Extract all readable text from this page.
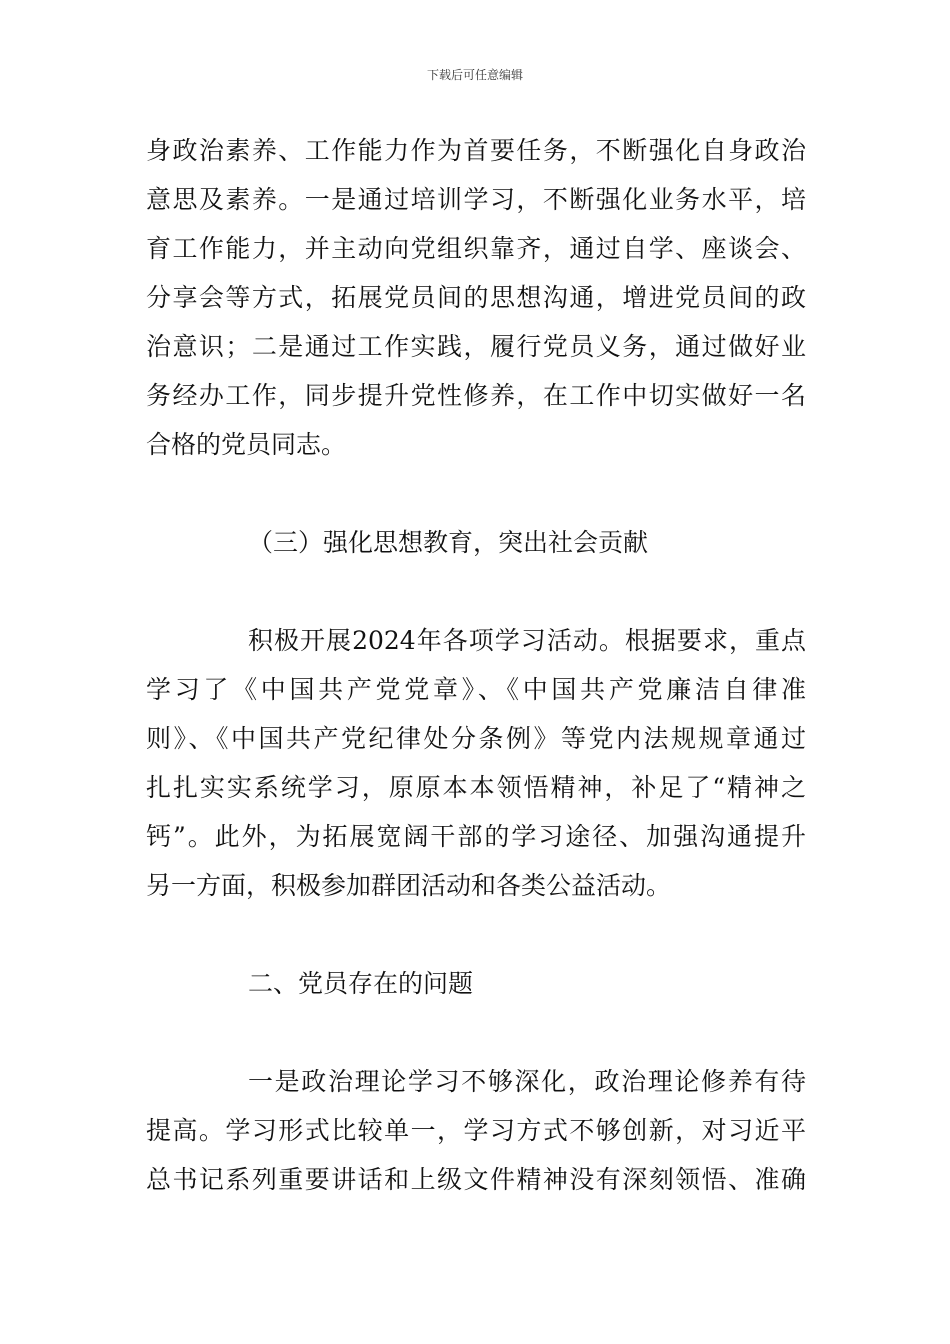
下载后可任意编辑
身政治素养、工作能力作为首要任务，不断强化自身政治
意思及素养。一是通过培训学习，不断强化业务水平，培
育工作能力，并主动向党组织靠齐，通过自学、座谈会、
分享会等方式，拓展党员间的思想沟通，增进党员间的政
治意识；二是通过工作实践，履行党员义务，通过做好业
务经办工作，同步提升党性修养，在工作中切实做好一名
合格的党员同志。
（三）强化思想教育，突出社会贡献
积极开展2024年各项学习活动。根据要求，重点
学习了《中国共产党党章》、《中国共产党廉洁自律准
则》、《中国共产党纪律处分条例》等党内法规规章通过
扎扎实实系统学习，原原本本领悟精神，补足了“精神之
钙”。此外，为拓展宽阔干部的学习途径、加强沟通提升
另一方面，积极参加群团活动和各类公益活动。
二、党员存在的问题
一是政治理论学习不够深化，政治理论修养有待
提高。学习形式比较单一，学习方式不够创新，对习近平
总书记系列重要讲话和上级文件精神没有深刻领悟、准确
